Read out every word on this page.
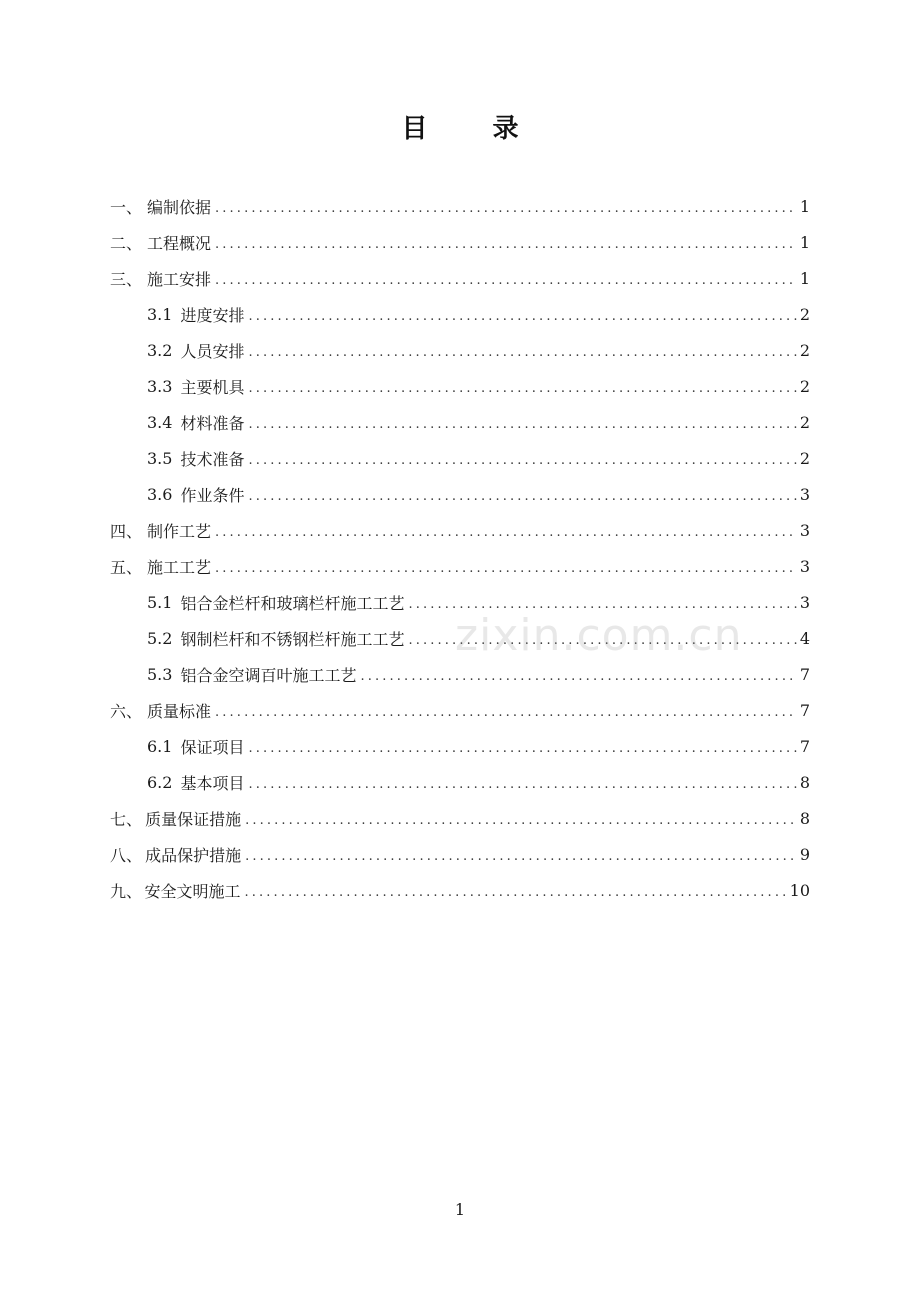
目 录
一、 编制依据 . . .	1
二、 工程概况 . . .	1
三、 施工安排 . . .	1
3.1 进度安排 . . .	2
3.2 人员安排 . . .	2
3.3 主要机具 . . .	2
3.4 材料准备 . . .	2
3.5 技术准备 . . .	2
3.6 作业条件 . . .	3
四、 制作工艺 . . .	3
五、 施工工艺 . . .	3
5.1 铝合金栏杆和玻璃栏杆施工工艺 . . .	3
5.2 钢制栏杆和不锈钢栏杆施工工艺 . . .	4
5.3 铝合金空调百叶施工工艺 . . .	7
六、 质量标准 . . .	7
6.1 保证项目 . . .	7
6.2 基本项目 . . .	8
七、 质量保证措施 . . .	8
八、 成品保护措施 . . .	9
九、 安全文明施工 . . .	10
zixin.com.cn
1
